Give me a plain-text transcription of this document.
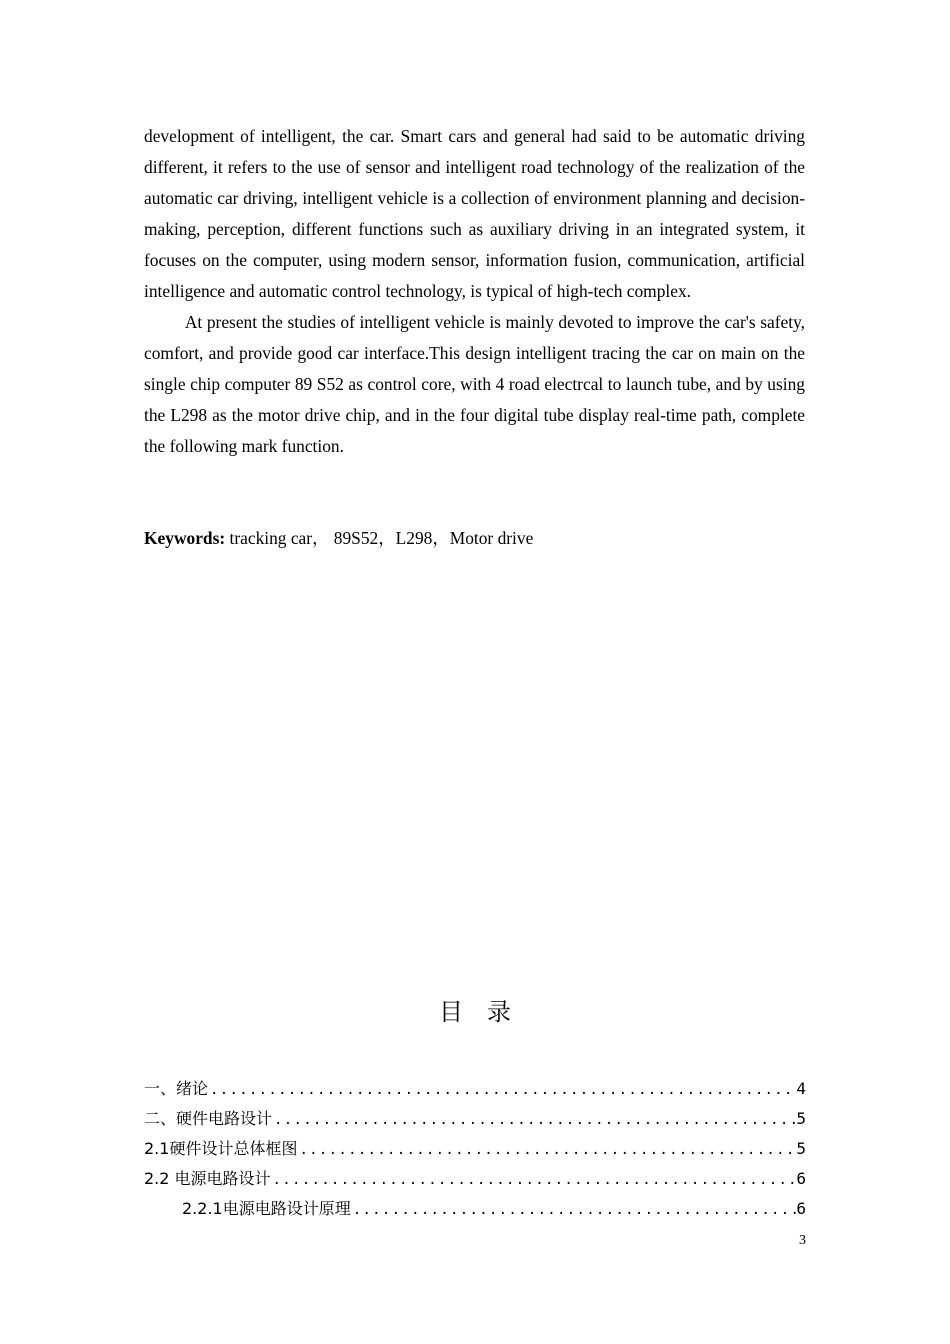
development of intelligent, the car. Smart cars and general had said to be automatic driving different, it refers to the use of sensor and intelligent road technology of the realization of the automatic car driving, intelligent vehicle is a collection of environment planning and decision-making, perception, different functions such as auxiliary driving in an integrated system, it focuses on the computer, using modern sensor, information fusion, communication, artificial intelligence and automatic control technology, is typical of high-tech complex.

At present the studies of intelligent vehicle is mainly devoted to improve the car's safety, comfort, and provide good car interface.This design intelligent tracing the car on main on the single chip computer 89 S52 as control core, with 4 road electrcal to launch tube, and by using the L298 as the motor drive chip, and in the four digital tube display real-time path, complete the following mark function.

Keywords: tracking car， 89S52，L298，Motor drive

目录
一、绪论 .....	4
二、硬件电路设计 .....	5
2.1硬件设计总体框图 .....	5
2.2 电源电路设计 .....	6
2.2.1电源电路设计原理 .....	6
3
